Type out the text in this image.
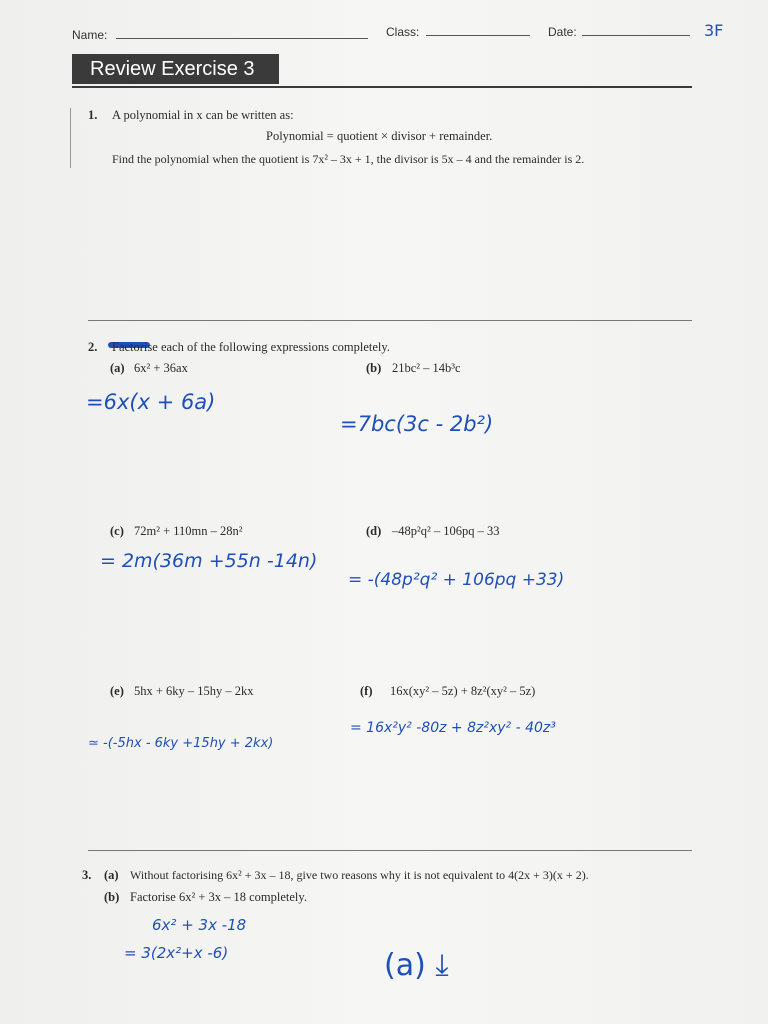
Name:	Class:	Date:	3F
Review Exercise 3
1. A polynomial in x can be written as:
Polynomial = quotient × divisor + remainder.
Find the polynomial when the quotient is 7x² – 3x + 1, the divisor is 5x – 4 and the remainder is 2.
2. Factorise each of the following expressions completely.
(a) 6x² + 36ax
=6x(x + 6a)
(b) 21bc² – 14b³c
=7bc(3c - 2b²)
(c) 72m² + 110mn – 28n²
= 2m(36m +55n -14n)
(d) –48p²q² – 106pq – 33
= -(48p²q² + 106pq +33)
(e) 5hx + 6ky – 15hy – 2kx
≃ -(-5hx - 6ky +15hy + 2kx)
(f) 16x(xy² – 5z) + 8z²(xy² – 5z)
= 16x²y² -80z + 8z²xy² - 40z³
3. (a) Without factorising 6x² + 3x – 18, give two reasons why it is not equivalent to 4(2x + 3)(x + 2).
(b) Factorise 6x² + 3x – 18 completely.
6x² + 3x -18
= 3(2x²+x -6)	(a) ⤓
